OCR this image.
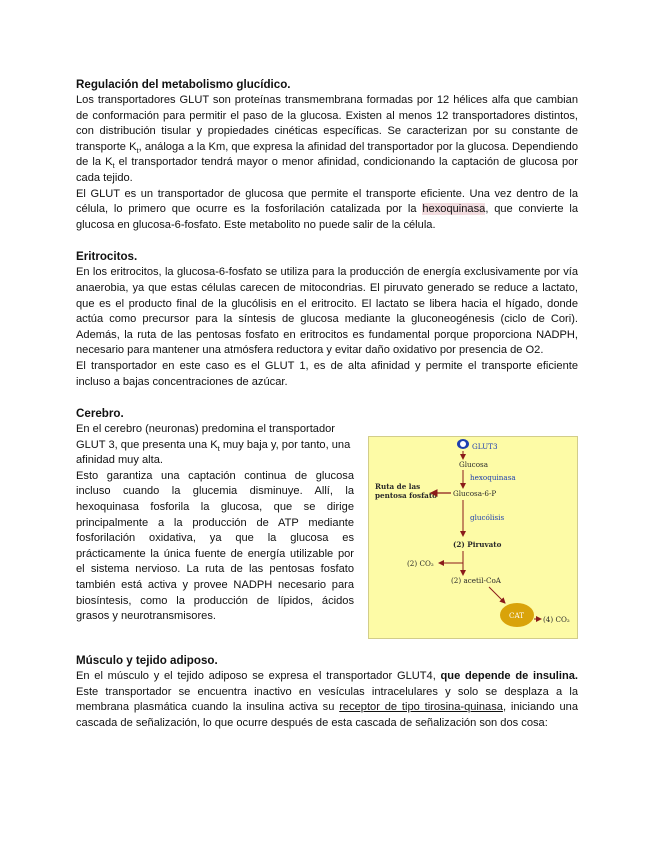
Regulación del metabolismo glucídico.

Los transportadores GLUT son proteínas transmembrana formadas por 12 hélices alfa que cambian de conformación para permitir el paso de la glucosa. Existen al menos 12 transportadores distintos, con distribución tisular y propiedades cinéticas específicas. Se caracterizan por su constante de transporte $K_t$, análoga a la Km, que expresa la afinidad del transportador por la glucosa. Dependiendo de la $K_t$ el transportador tendrá mayor o menor afinidad, condicionando la captación de glucosa por cada tejido.

El GLUT es un transportador de glucosa que permite el transporte eficiente. Una vez dentro de la célula, lo primero que ocurre es la fosforilación catalizada por la hexoquinasa, que convierte la glucosa en glucosa-6-fosfato. Este metabolito no puede salir de la célula.

Eritrocitos.

En los eritrocitos, la glucosa-6-fosfato se utiliza para la producción de energía exclusivamente por vía anaerobia, ya que estas células carecen de mitocondrias. El piruvato generado se reduce a lactato, que es el producto final de la glucólisis en el eritrocito. El lactato se libera hacia el hígado, donde actúa como precursor para la síntesis de glucosa mediante la gluconeogénesis (ciclo de Cori). Además, la ruta de las pentosas fosfato en eritrocitos es fundamental porque proporciona NADPH, necesario para mantener una atmósfera reductora y evitar daño oxidativo por presencia de O2.

El transportador en este caso es el GLUT 1, es de alta afinidad y permite el transporte eficiente incluso a bajas concentraciones de azúcar.

Cerebro.

En el cerebro (neuronas) predomina el transportador GLUT 3, que presenta una $K_t$ muy baja y, por tanto, una afinidad muy alta.

Esto garantiza una captación continua de glucosa incluso cuando la glucemia disminuye. Allí, la hexoquinasa fosforila la glucosa, que se dirige principalmente a la producción de ATP mediante fosforilación oxidativa, ya que la glucosa es prácticamente la única fuente de energía utilizable por el sistema nervioso. La ruta de las pentosas fosfato también está activa y provee NADPH necesario para biosíntesis, como la producción de lípidos, ácidos grasos y neurotransmisores.

GLUT3
Glucosa
hexoquinasa
Ruta de las
pentosa fosfato Glucosa-6-P
glucólisis
(2) Piruvato
(2) CO₂
(2) acetil-CoA
CAT	(4) CO₂

Músculo y tejido adiposo.

En el músculo y el tejido adiposo se expresa el transportador GLUT4, que depende de insulina. Este transportador se encuentra inactivo en vesículas intracelulares y solo se desplaza a la membrana plasmática cuando la insulina activa su receptor de tipo tirosina-quinasa, iniciando una cascada de señalización, lo que ocurre después de esta cascada de señalización son dos cosa:
